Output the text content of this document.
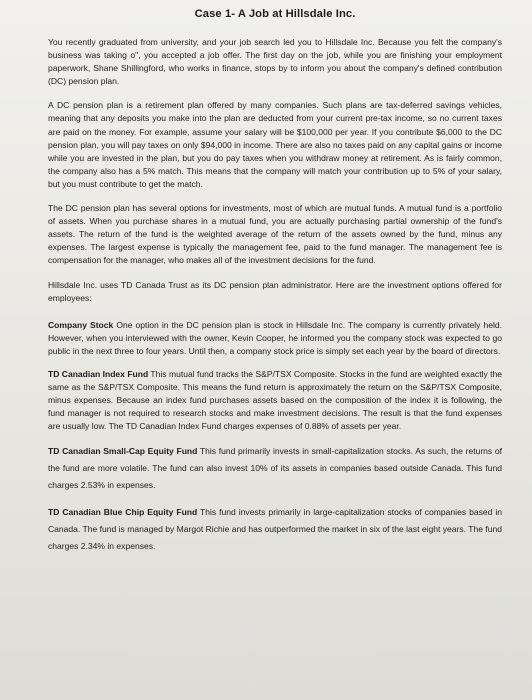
Case 1- A Job at Hillsdale Inc.

You recently graduated from university, and your job search led you to Hillsdale Inc. Because you felt the company's business was taking o", you accepted a job offer. The first day on the job, while you are finishing your employment paperwork, Shane Shillingford, who works in finance, stops by to inform you about the company's defined contribution (DC) pension plan.

A DC pension plan is a retirement plan offered by many companies. Such plans are tax-deferred savings vehicles, meaning that any deposits you make into the plan are deducted from your current pre-tax income, so no current taxes are paid on the money. For example, assume your salary will be $100,000 per year. If you contribute $6,000 to the DC pension plan, you will pay taxes on only $94,000 in income. There are also no taxes paid on any capital gains or income while you are invested in the plan, but you do pay taxes when you withdraw money at retirement. As is fairly common, the company also has a 5% match. This means that the company will match your contribution up to 5% of your salary, but you must contribute to get the match.

The DC pension plan has several options for investments, most of which are mutual funds. A mutual fund is a portfolio of assets. When you purchase shares in a mutual fund, you are actually purchasing partial ownership of the fund's assets. The return of the fund is the weighted average of the return of the assets owned by the fund, minus any expenses. The largest expense is typically the management fee, paid to the fund manager. The management fee is compensation for the manager, who makes all of the investment decisions for the fund.

Hillsdale Inc. uses TD Canada Trust as its DC pension plan administrator. Here are the investment options offered for employees:

Company Stock One option in the DC pension plan is stock in Hillsdale Inc. The company is currently privately held. However, when you interviewed with the owner, Kevin Cooper, he informed you the company stock was expected to go public in the next three to four years. Until then, a company stock price is simply set each year by the board of directors.

TD Canadian Index Fund This mutual fund tracks the S&P/TSX Composite. Stocks in the fund are weighted exactly the same as the S&P/TSX Composite. This means the fund return is approximately the return on the S&P/TSX Composite, minus expenses. Because an index fund purchases assets based on the composition of the index it is following, the fund manager is not required to research stocks and make investment decisions. The result is that the fund expenses are usually low. The TD Canadian Index Fund charges expenses of 0.88% of assets per year.

TD Canadian Small-Cap Equity Fund This fund primarily invests in small-capitalization stocks. As such, the returns of the fund are more volatile. The fund can also invest 10% of its assets in companies based outside Canada. This fund charges 2.53% in expenses.

TD Canadian Blue Chip Equity Fund This fund invests primarily in large-capitalization stocks of companies based in Canada. The fund is managed by Margot Richie and has outperformed the market in six of the last eight years. The fund charges 2.34% in expenses.
